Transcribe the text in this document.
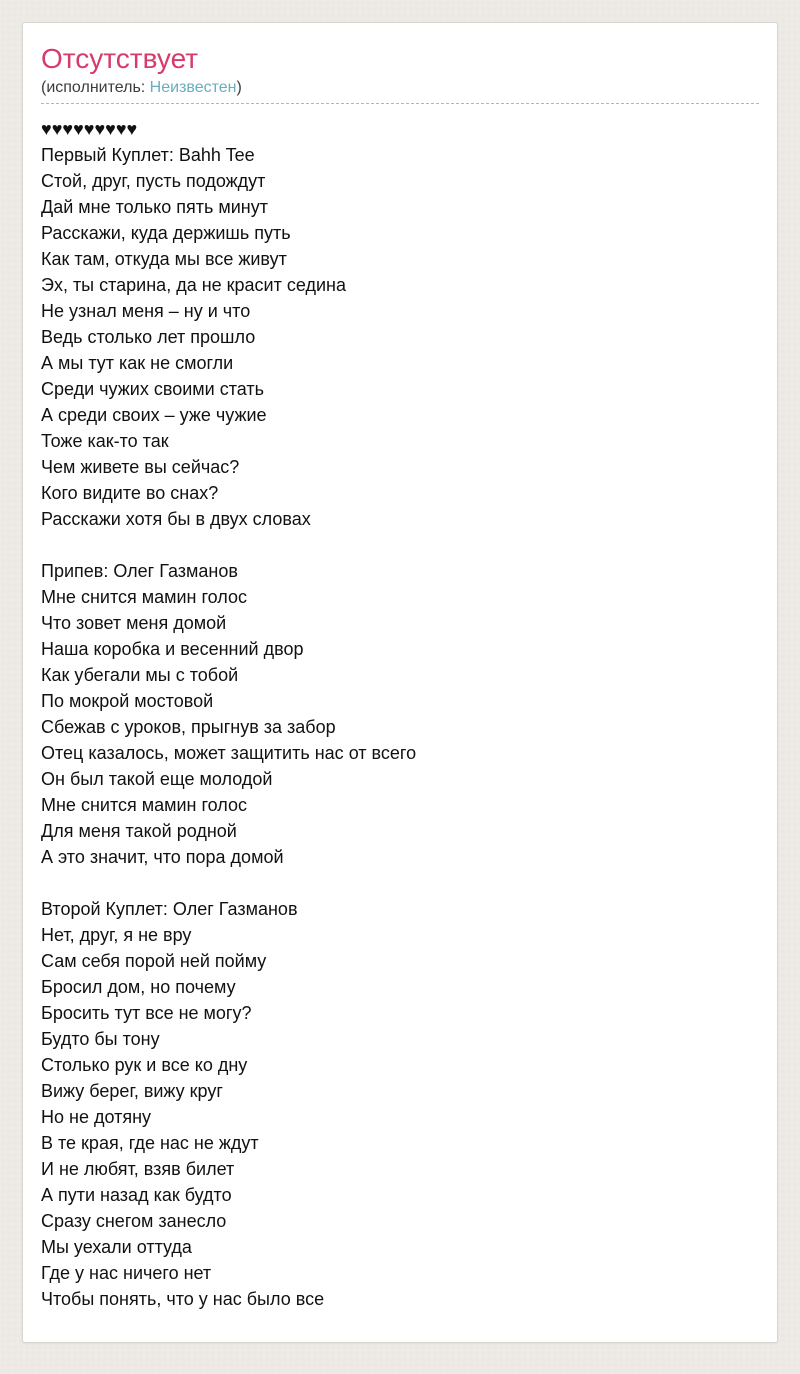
Отсутствует
(исполнитель: Неизвестен)
♥♥♥♥♥♥♥♥♥
Первый Куплет: Bahh Tee
Стой, друг, пусть подождут
Дай мне только пять минут
Расскажи, куда держишь путь
Как там, откуда мы все живут
Эх, ты старина, да не красит седина
Не узнал меня – ну и что
Ведь столько лет прошло
А мы тут как не смогли
Среди чужих своими стать
А среди своих – уже чужие
Тоже как-то так
Чем живете вы сейчас?
Кого видите во снах?
Расскажи хотя бы в двух словах

Припев: Олег Газманов
Мне снится мамин голос
Что зовет меня домой
Наша коробка и весенний двор
Как убегали мы с тобой
По мокрой мостовой
Сбежав с уроков, прыгнув за забор
Отец казалось, может защитить нас от всего
Он был такой еще молодой
Мне снится мамин голос
Для меня такой родной
А это значит, что пора домой

Второй Куплет: Олег Газманов
Нет, друг, я не вру
Сам себя порой ней пойму
Бросил дом, но почему
Бросить тут все не могу?
Будто бы тону
Столько рук и все ко дну
Вижу берег, вижу круг
Но не дотяну
В те края, где нас не ждут
И не любят, взяв билет
А пути назад как будто
Сразу снегом занесло
Мы уехали оттуда
Где у нас ничего нет
Чтобы понять, что у нас было все
